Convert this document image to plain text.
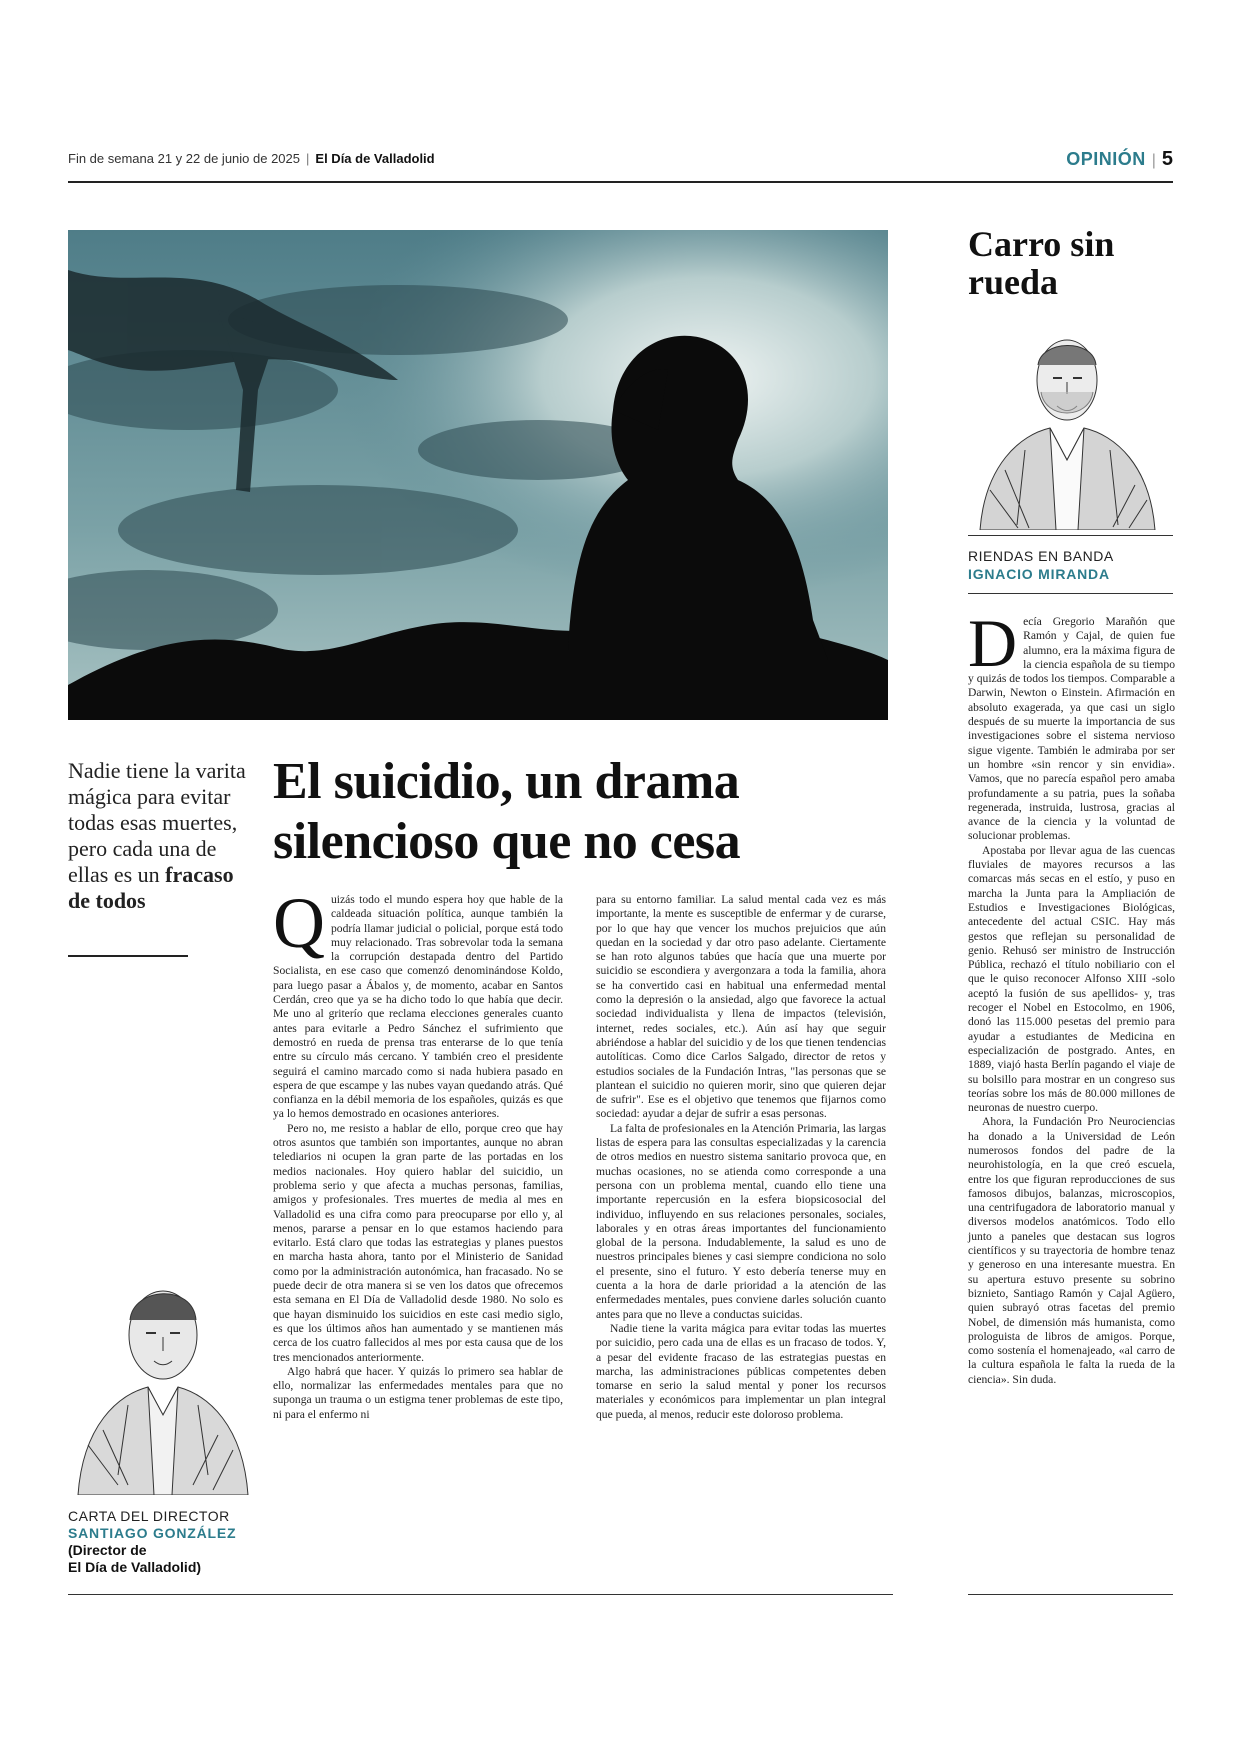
Fin de semana 21 y 22 de junio de 2025 | El Día de Valladolid	OPINIÓN | 5
Nadie tiene la varita mágica para evitar todas esas muertes, pero cada una de ellas es un fracaso de todos
El suicidio, un drama silencioso que no cesa

Quizás todo el mundo espera hoy que hable de la caldeada situación política, aunque también la podría llamar judicial o policial, porque está todo muy relacionado. Tras sobrevolar toda la semana la corrupción destapada dentro del Partido Socialista, en ese caso que comenzó denominándose Koldo, para luego pasar a Ábalos y, de momento, acabar en Santos Cerdán, creo que ya se ha dicho todo lo que había que decir. Me uno al griterío que reclama elecciones generales cuanto antes para evitarle a Pedro Sánchez el sufrimiento que demostró en rueda de prensa tras enterarse de lo que tenía entre su círculo más cercano. Y también creo el presidente seguirá el camino marcado como si nada hubiera pasado en espera de que escampe y las nubes vayan quedando atrás. Qué confianza en la débil memoria de los españoles, quizás es que ya lo hemos demostrado en ocasiones anteriores.

Pero no, me resisto a hablar de ello, porque creo que hay otros asuntos que también son importantes, aunque no abran telediarios ni ocupen la gran parte de las portadas en los medios nacionales. Hoy quiero hablar del suicidio, un problema serio y que afecta a muchas personas, familias, amigos y profesionales. Tres muertes de media al mes en Valladolid es una cifra como para preocuparse por ello y, al menos, pararse a pensar en lo que estamos haciendo para evitarlo. Está claro que todas las estrategias y planes puestos en marcha hasta ahora, tanto por el Ministerio de Sanidad como por la administración autonómica, han fracasado. No se puede decir de otra manera si se ven los datos que ofrecemos esta semana en El Día de Valladolid desde 1980. No solo es que hayan disminuido los suicidios en este casi medio siglo, es que los últimos años han aumentado y se mantienen más cerca de los cuatro fallecidos al mes por esta causa que de los tres mencionados anteriormente.

Algo habrá que hacer. Y quizás lo primero sea hablar de ello, normalizar las enfermedades mentales para que no suponga un trauma o un estigma tener problemas de este tipo, ni para el enfermo ni

para su entorno familiar. La salud mental cada vez es más importante, la mente es susceptible de enfermar y de curarse, por lo que hay que vencer los muchos prejuicios que aún quedan en la sociedad y dar otro paso adelante. Ciertamente se han roto algunos tabúes que hacía que una muerte por suicidio se escondiera y avergonzara a toda la familia, ahora se ha convertido casi en habitual una enfermedad mental como la depresión o la ansiedad, algo que favorece la actual sociedad individualista y llena de impactos (televisión, internet, redes sociales, etc.). Aún así hay que seguir abriéndose a hablar del suicidio y de los que tienen tendencias autolíticas. Como dice Carlos Salgado, director de retos y estudios sociales de la Fundación Intras, "las personas que se plantean el suicidio no quieren morir, sino que quieren dejar de sufrir". Ese es el objetivo que tenemos que fijarnos como sociedad: ayudar a dejar de sufrir a esas personas.

La falta de profesionales en la Atención Primaria, las largas listas de espera para las consultas especializadas y la carencia de otros medios en nuestro sistema sanitario provoca que, en muchas ocasiones, no se atienda como corresponde a una persona con un problema mental, cuando ello tiene una importante repercusión en la esfera biopsicosocial del individuo, influyendo en sus relaciones personales, sociales, laborales y en otras áreas importantes del funcionamiento global de la persona. Indudablemente, la salud es uno de nuestros principales bienes y casi siempre condiciona no solo el presente, sino el futuro. Y esto debería tenerse muy en cuenta a la hora de darle prioridad a la atención de las enfermedades mentales, pues conviene darles solución cuanto antes para que no lleve a conductas suicidas.

Nadie tiene la varita mágica para evitar todas las muertes por suicidio, pero cada una de ellas es un fracaso de todos. Y, a pesar del evidente fracaso de las estrategias puestas en marcha, las administraciones públicas competentes deben tomarse en serio la salud mental y poner los recursos materiales y económicos para implementar un plan integral que pueda, al menos, reducir este doloroso problema.

CARTA DEL DIRECTOR
SANTIAGO GONZÁLEZ
(Director de
El Día de Valladolid)
Carro sin rueda
RIENDAS EN BANDA
IGNACIO MIRANDA

Decía Gregorio Marañón que Ramón y Cajal, de quien fue alumno, era la máxima figura de la ciencia española de su tiempo y quizás de todos los tiempos. Comparable a Darwin, Newton o Einstein. Afirmación en absoluto exagerada, ya que casi un siglo después de su muerte la importancia de sus investigaciones sobre el sistema nervioso sigue vigente. También le admiraba por ser un hombre «sin rencor y sin envidia». Vamos, que no parecía español pero amaba profundamente a su patria, pues la soñaba regenerada, instruida, lustrosa, gracias al avance de la ciencia y la voluntad de solucionar problemas.

Apostaba por llevar agua de las cuencas fluviales de mayores recursos a las comarcas más secas en el estío, y puso en marcha la Junta para la Ampliación de Estudios e Investigaciones Biológicas, antecedente del actual CSIC. Hay más gestos que reflejan su personalidad de genio. Rehusó ser ministro de Instrucción Pública, rechazó el título nobiliario con el que le quiso reconocer Alfonso XIII -solo aceptó la fusión de sus apellidos- y, tras recoger el Nobel en Estocolmo, en 1906, donó las 115.000 pesetas del premio para ayudar a estudiantes de Medicina en especialización de postgrado. Antes, en 1889, viajó hasta Berlín pagando el viaje de su bolsillo para mostrar en un congreso sus teorías sobre los más de 80.000 millones de neuronas de nuestro cuerpo.

Ahora, la Fundación Pro Neurociencias ha donado a la Universidad de León numerosos fondos del padre de la neurohistología, en la que creó escuela, entre los que figuran reproducciones de sus famosos dibujos, balanzas, microscopios, una centrifugadora de laboratorio manual y diversos modelos anatómicos. Todo ello junto a paneles que destacan sus logros científicos y su trayectoria de hombre tenaz y generoso en una interesante muestra. En su apertura estuvo presente su sobrino biznieto, Santiago Ramón y Cajal Agüero, quien subrayó otras facetas del premio Nobel, de dimensión más humanista, como prologuista de libros de amigos. Porque, como sostenía el homenajeado, «al carro de la cultura española le falta la rueda de la ciencia». Sin duda.
